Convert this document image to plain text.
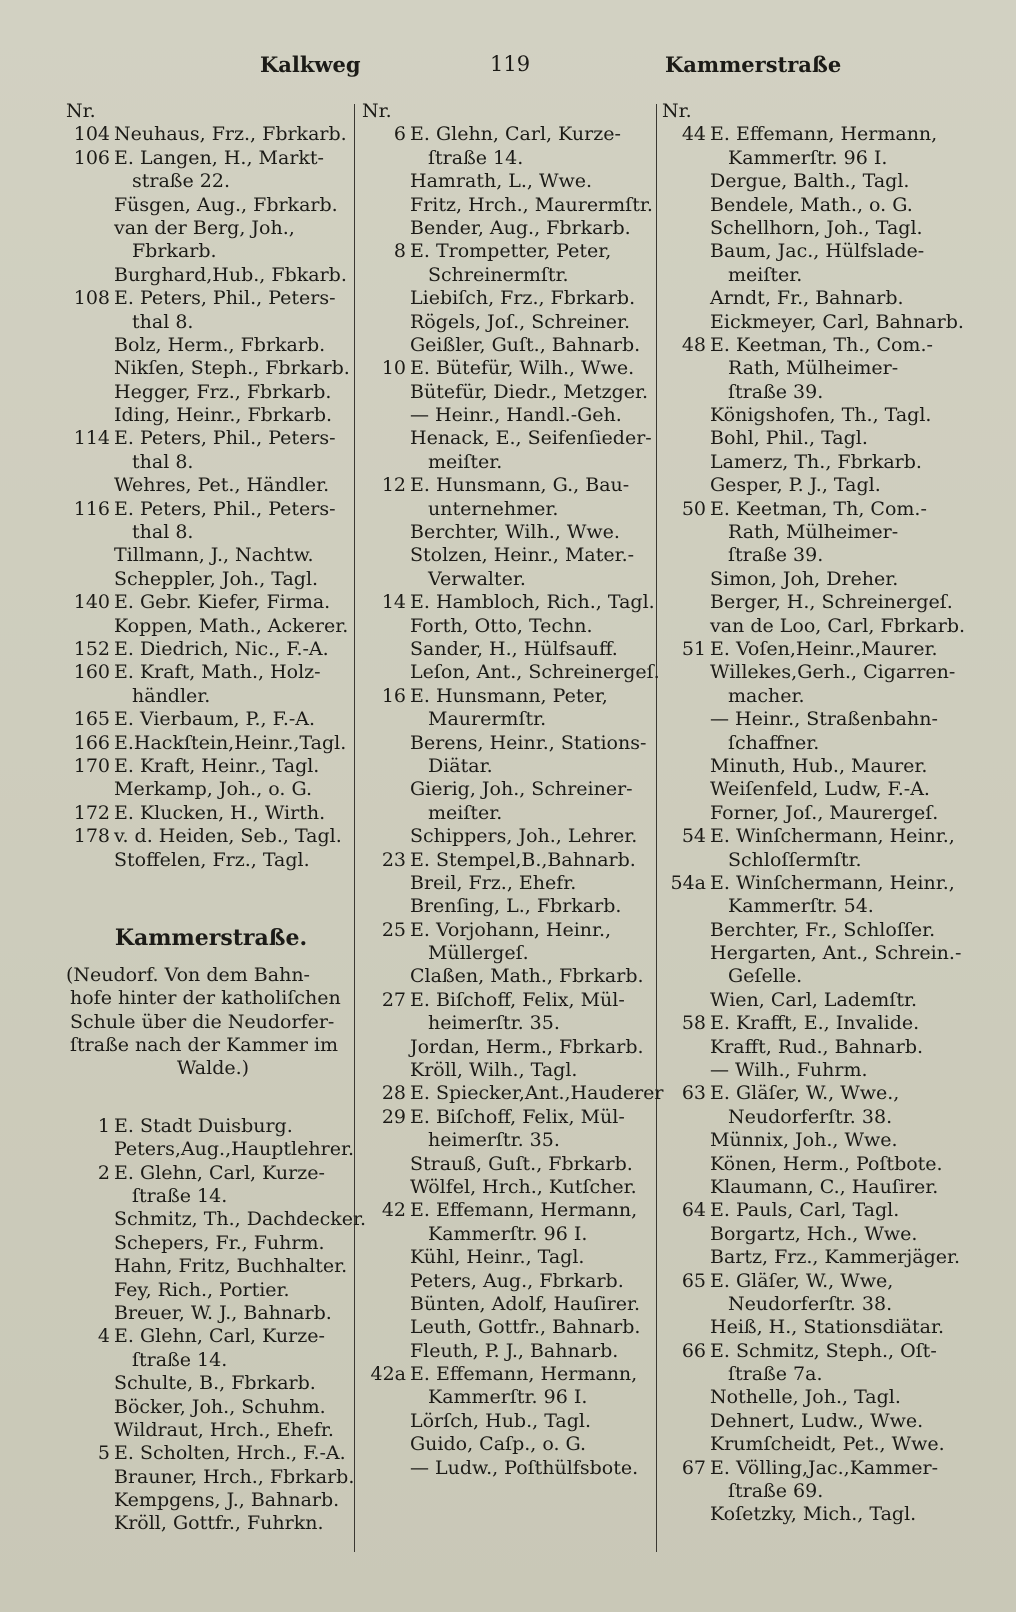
Kalkweg	119	Kammerstraße
Nr.
104 Neuhaus, Frz., Fbrkarb.
106 E. Langen, H., Markt-
straße 22.
Füsgen, Aug., Fbrkarb.
van der Berg, Joh.,
Fbrkarb.
Burghard,Hub., Fbkarb.
108 E. Peters, Phil., Peters-
thal 8.
Bolz, Herm., Fbrkarb.
Nikſen, Steph., Fbrkarb.
Hegger, Frz., Fbrkarb.
Iding, Heinr., Fbrkarb.
114 E. Peters, Phil., Peters-
thal 8.
Wehres, Pet., Händler.
116 E. Peters, Phil., Peters-
thal 8.
Tillmann, J., Nachtw.
Scheppler, Joh., Tagl.
140 E. Gebr. Kiefer, Firma.
Koppen, Math., Ackerer.
152 E. Diedrich, Nic., F.-A.
160 E. Kraft, Math., Holz-
händler.
165 E. Vierbaum, P., F.-A.
166 E.Hackſtein,Heinr.,Tagl.
170 E. Kraft, Heinr., Tagl.
Merkamp, Joh., o. G.
172 E. Klucken, H., Wirth.
178 v. d. Heiden, Seb., Tagl.
Stoffelen, Frz., Tagl.
Kammerstraße.
(Neudorf. Von dem Bahn-
hofe hinter der katholiſchen
Schule über die Neudorfer-
ſtraße nach der Kammer im
Walde.)
1 E. Stadt Duisburg.
Peters,Aug.,Hauptlehrer.
2 E. Glehn, Carl, Kurze-
ſtraße 14.
Schmitz, Th., Dachdecker.
Schepers, Fr., Fuhrm.
Hahn, Fritz, Buchhalter.
Fey, Rich., Portier.
Breuer, W. J., Bahnarb.
4 E. Glehn, Carl, Kurze-
ſtraße 14.
Schulte, B., Fbrkarb.
Böcker, Joh., Schuhm.
Wildraut, Hrch., Ehefr.
5 E. Scholten, Hrch., F.-A.
Brauner, Hrch., Fbrkarb.
Kempgens, J., Bahnarb.
Kröll, Gottfr., Fuhrkn.
Nr.
6 E. Glehn, Carl, Kurze-
ſtraße 14.
Hamrath, L., Wwe.
Fritz, Hrch., Maurermſtr.
Bender, Aug., Fbrkarb.
8 E. Trompetter, Peter,
Schreinermſtr.
Liebiſch, Frz., Fbrkarb.
Rögels, Joſ., Schreiner.
Geißler, Guſt., Bahnarb.
10 E. Bütefür, Wilh., Wwe.
Bütefür, Diedr., Metzger.
— Heinr., Handl.-Geh.
Henack, E., Seifenſieder-
meiſter.
12 E. Hunsmann, G., Bau-
unternehmer.
Berchter, Wilh., Wwe.
Stolzen, Heinr., Mater.-
Verwalter.
14 E. Hambloch, Rich., Tagl.
Forth, Otto, Techn.
Sander, H., Hülfsauff.
Leſon, Ant., Schreinergeſ.
16 E. Hunsmann, Peter,
Maurermſtr.
Berens, Heinr., Stations-
Diätar.
Gierig, Joh., Schreiner-
meiſter.
Schippers, Joh., Lehrer.
23 E. Stempel,B.,Bahnarb.
Breil, Frz., Ehefr.
Brenſing, L., Fbrkarb.
25 E. Vorjohann, Heinr.,
Müllergeſ.
Claßen, Math., Fbrkarb.
27 E. Biſchoff, Felix, Mül-
heimerſtr. 35.
Jordan, Herm., Fbrkarb.
Kröll, Wilh., Tagl.
28 E. Spiecker,Ant.,Hauderer
29 E. Biſchoff, Felix, Mül-
heimerſtr. 35.
Strauß, Guſt., Fbrkarb.
Wölfel, Hrch., Kutſcher.
42 E. Effemann, Hermann,
Kammerſtr. 96 I.
Kühl, Heinr., Tagl.
Peters, Aug., Fbrkarb.
Bünten, Adolf, Hauſirer.
Leuth, Gottfr., Bahnarb.
Fleuth, P. J., Bahnarb.
42a E. Effemann, Hermann,
Kammerſtr. 96 I.
Lörſch, Hub., Tagl.
Guido, Caſp., o. G.
— Ludw., Poſthülfsbote.
Nr.
44 E. Effemann, Hermann,
Kammerſtr. 96 I.
Dergue, Balth., Tagl.
Bendele, Math., o. G.
Schellhorn, Joh., Tagl.
Baum, Jac., Hülfslade-
meiſter.
Arndt, Fr., Bahnarb.
Eickmeyer, Carl, Bahnarb.
48 E. Keetman, Th., Com.-
Rath, Mülheimer-
ſtraße 39.
Königshofen, Th., Tagl.
Bohl, Phil., Tagl.
Lamerz, Th., Fbrkarb.
Gesper, P. J., Tagl.
50 E. Keetman, Th, Com.-
Rath, Mülheimer-
ſtraße 39.
Simon, Joh, Dreher.
Berger, H., Schreinergeſ.
van de Loo, Carl, Fbrkarb.
51 E. Voſen,Heinr.,Maurer.
Willekes,Gerh., Cigarren-
macher.
— Heinr., Straßenbahn-
ſchaffner.
Minuth, Hub., Maurer.
Weiſenfeld, Ludw, F.-A.
Forner, Joſ., Maurergeſ.
54 E. Winſchermann, Heinr.,
Schloſſermſtr.
54a E. Winſchermann, Heinr.,
Kammerſtr. 54.
Berchter, Fr., Schloſſer.
Hergarten, Ant., Schrein.-
Geſelle.
Wien, Carl, Lademſtr.
58 E. Krafft, E., Invalide.
Krafft, Rud., Bahnarb.
— Wilh., Fuhrm.
63 E. Gläſer, W., Wwe.,
Neudorferſtr. 38.
Münnix, Joh., Wwe.
Könen, Herm., Poſtbote.
Klaumann, C., Hauſirer.
64 E. Pauls, Carl, Tagl.
Borgartz, Hch., Wwe.
Bartz, Frz., Kammerjäger.
65 E. Gläſer, W., Wwe,
Neudorferſtr. 38.
Heiß, H., Stationsdiätar.
66 E. Schmitz, Steph., Oſt-
ſtraße 7a.
Nothelle, Joh., Tagl.
Dehnert, Ludw., Wwe.
Krumſcheidt, Pet., Wwe.
67 E. Völling,Jac.,Kammer-
ſtraße 69.
Koſetzky, Mich., Tagl.
